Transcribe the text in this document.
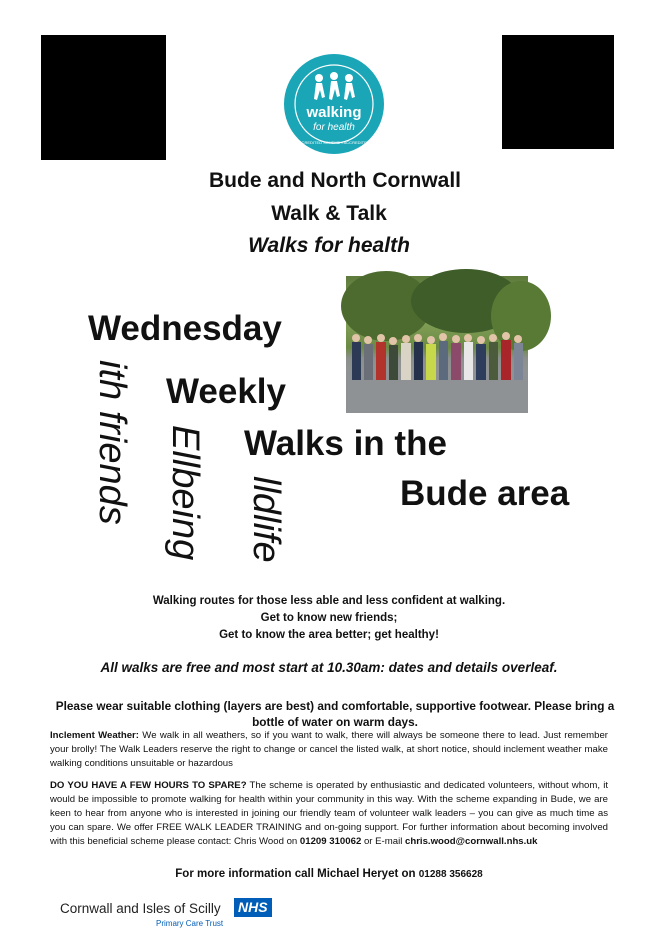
walking
for health
ACCREDITED SCHEME • ACCREDITED SCHEME • ACCREDITED SCHEME •
Bude and North Cornwall
Walk & Talk
Walks for health
Wednesday
Weekly
Walks in the
Bude area
ith friends Ellbeing lldlife
Walking routes for those less able and less confident at walking.
Get to know new friends;
Get to know the area better; get healthy!
All walks are free and most start at 10.30am: dates and details overleaf.
Please wear suitable clothing (layers are best) and comfortable, supportive footwear. Please bring a bottle of water on warm days.
Inclement Weather: We walk in all weathers, so if you want to walk, there will always be someone there to lead. Just remember your brolly! The Walk Leaders reserve the right to change or cancel the listed walk, at short notice, should inclement weather make walking conditions unsuitable or hazardous
DO YOU HAVE A FEW HOURS TO SPARE? The scheme is operated by enthusiastic and dedicated volunteers, without whom, it would be impossible to promote walking for health within your community in this way. With the scheme expanding in Bude, we are keen to hear from anyone who is interested in joining our friendly team of volunteer walk leaders – you can give as much time as you can spare. We offer FREE WALK LEADER TRAINING and on-going support. For further information about becoming involved with this beneficial scheme please contact: Chris Wood on 01209 310062 or E-mail chris.wood@cornwall.nhs.uk
For more information call Michael Heryet on 01288 356628
Cornwall and Isles of Scilly NHS
Primary Care Trust
